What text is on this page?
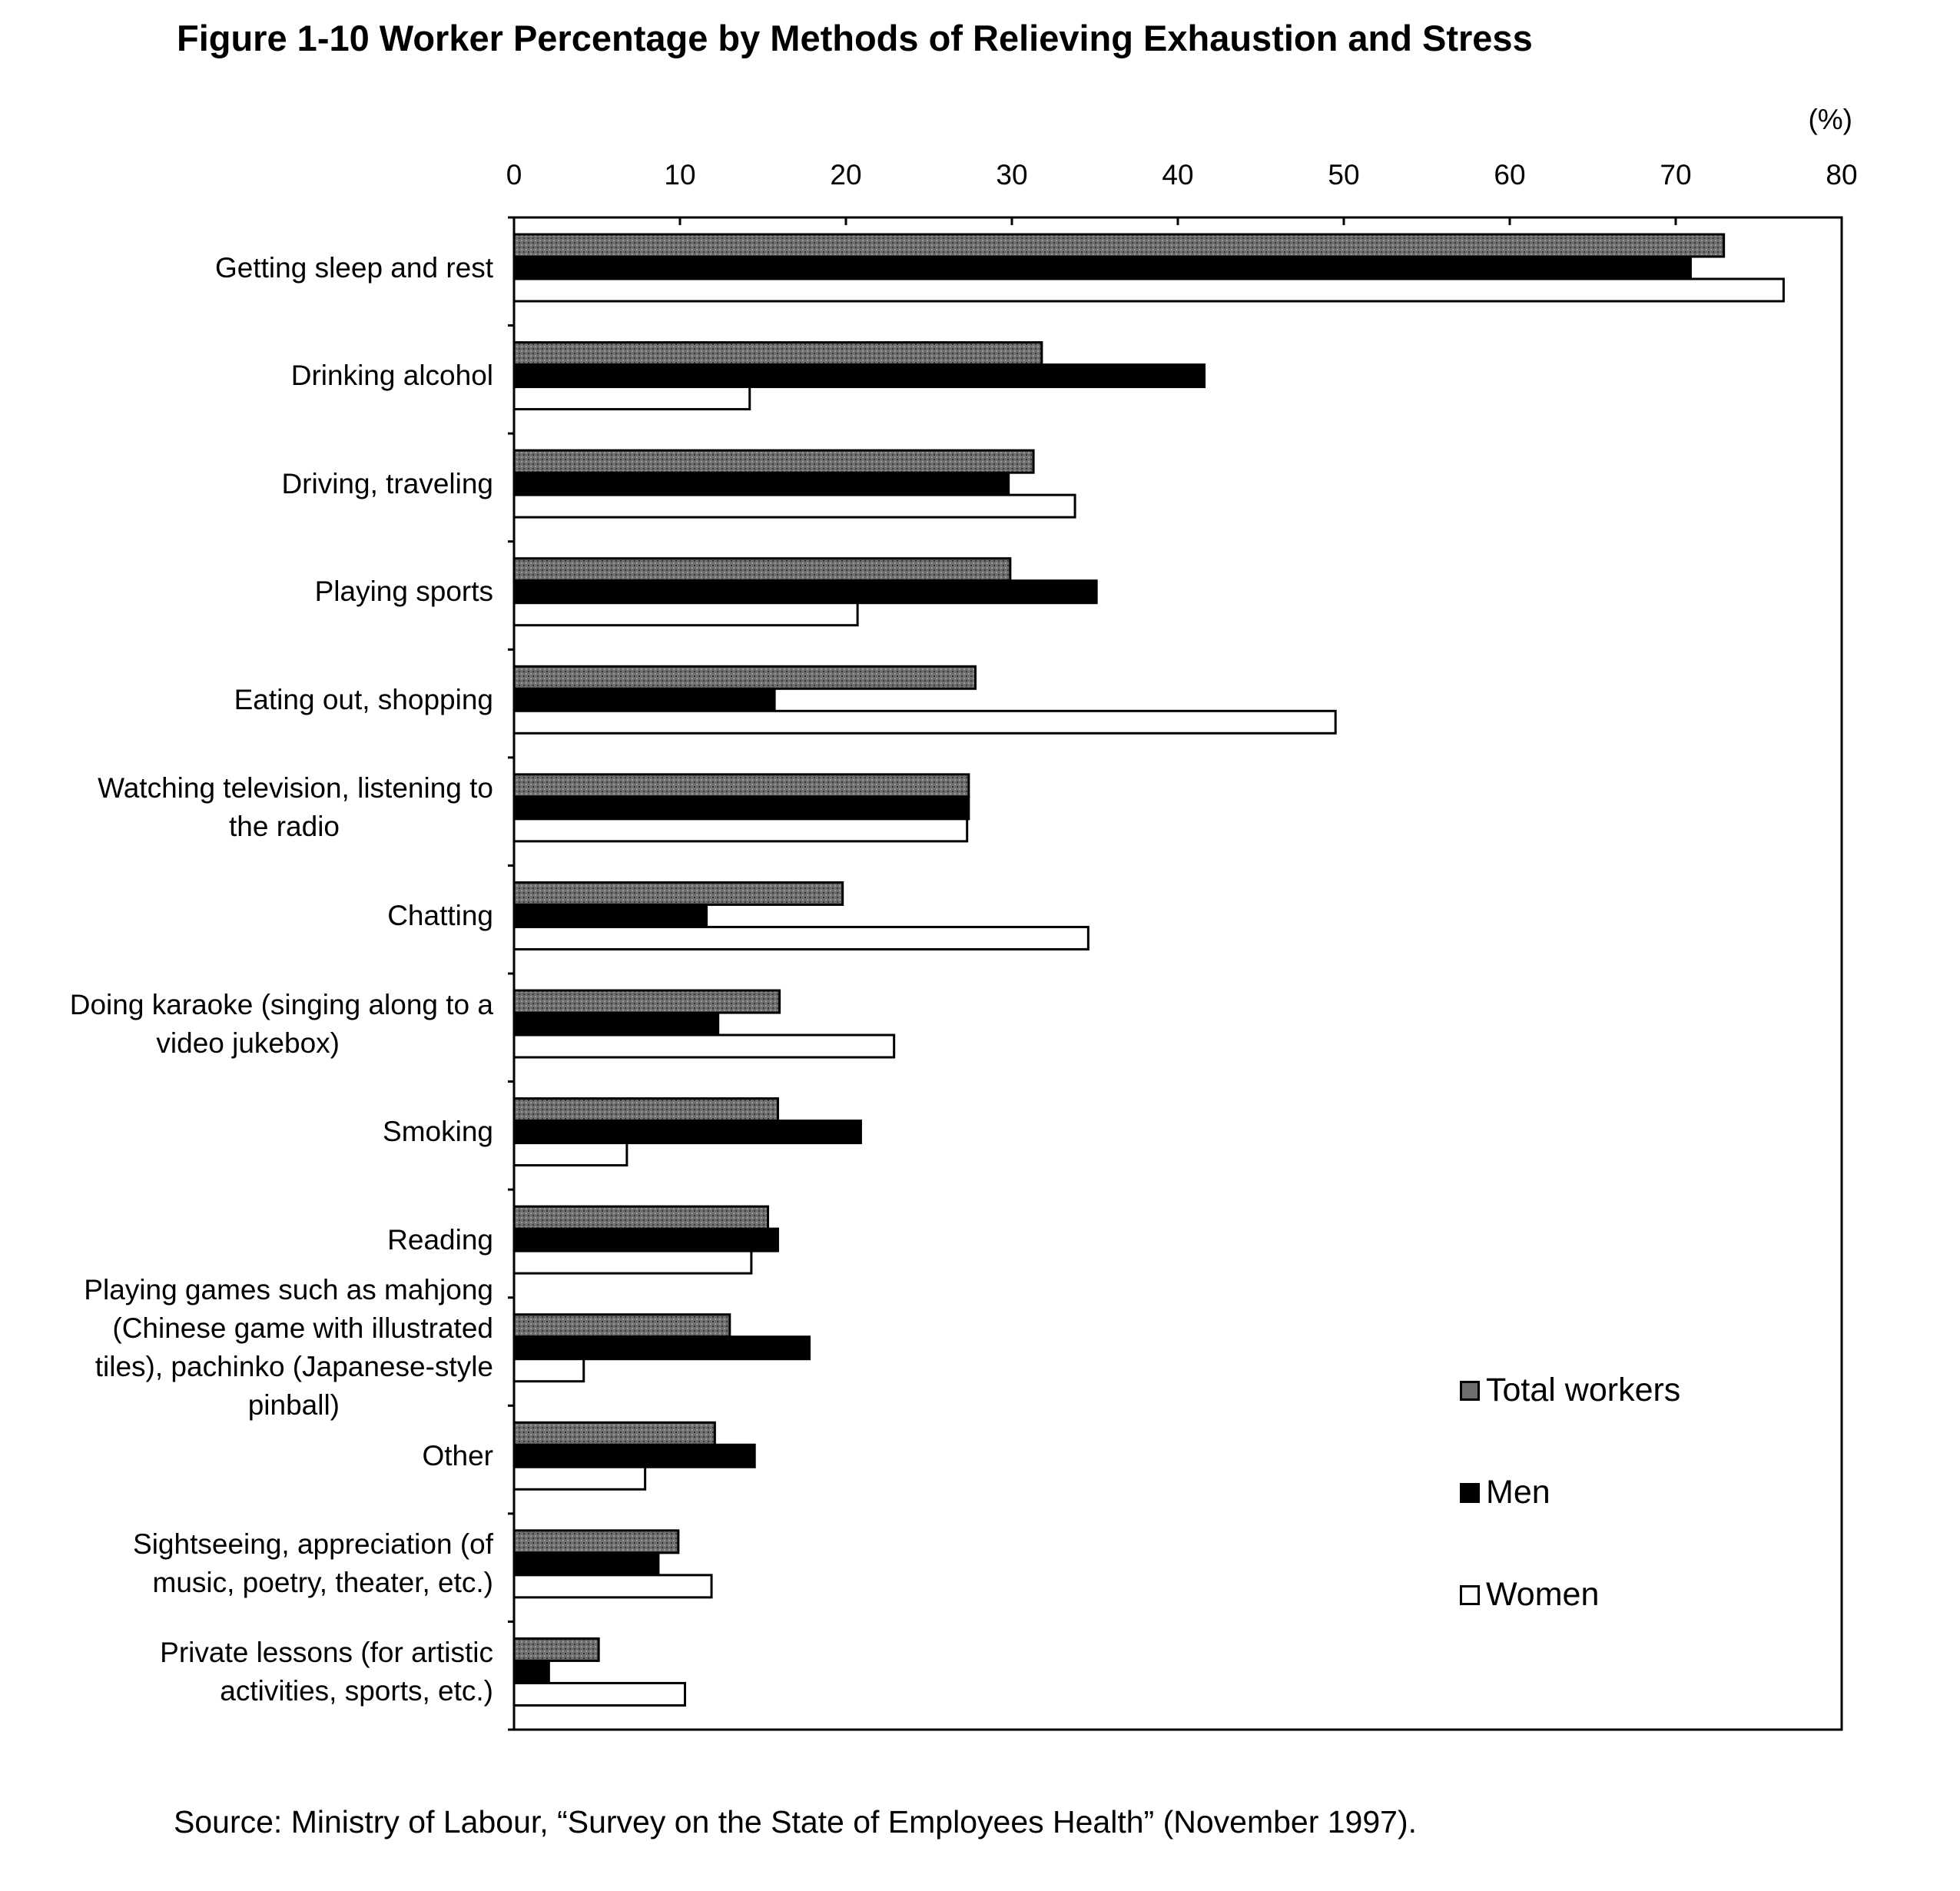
Figure 1-10 Worker Percentage by Methods of Relieving Exhaustion and Stress
0	10	20	30	40	50	60	70	80
(%)
Getting sleep and rest
Drinking alcohol
Driving, traveling
Playing sports
Eating out, shopping
Watching television, listening to
the radio
Chatting
Doing karaoke (singing along to a
video jukebox)
Smoking
Reading
Playing games such as mahjong
(Chinese game with illustrated
tiles), pachinko (Japanese-style
pinball)
Other
Sightseeing, appreciation (of
music, poetry, theater, etc.)
Private lessons (for artistic
activities, sports, etc.)
Total workers
Men
Women
Source: Ministry of Labour, “Survey on the State of Employees Health” (November 1997).
